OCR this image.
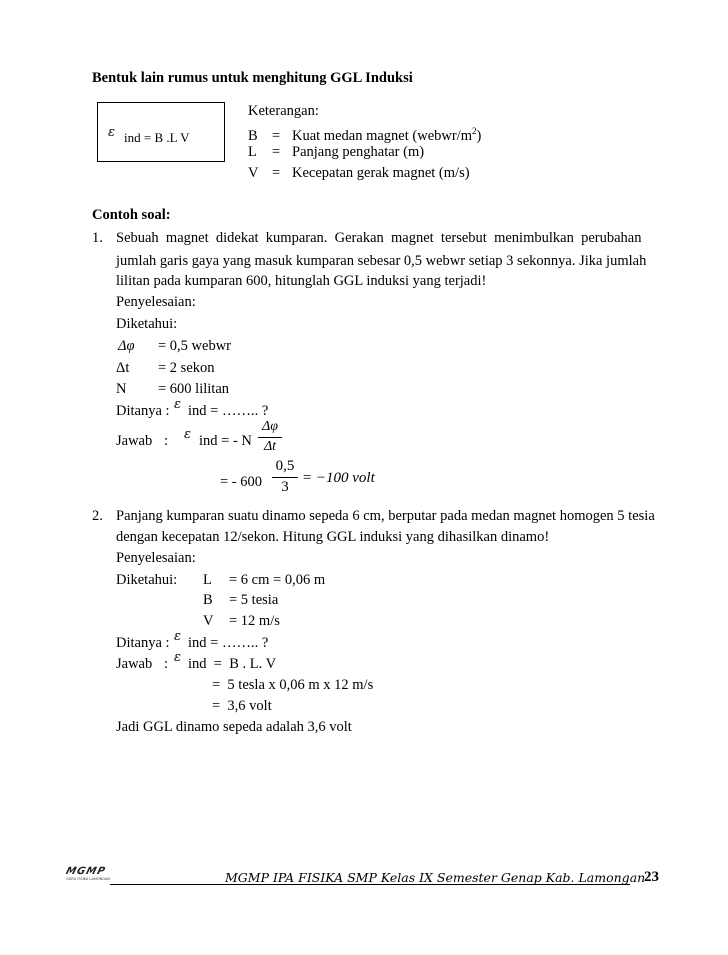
Bentuk lain rumus untuk menghitung GGL Induksi
ε ind = B .L V
Keterangan:
B = Kuat medan magnet $(webwr/m^2)$
L = Panjang penghatar (m)
V = Kecepatan gerak magnet (m/s)
Contoh soal:
1. Sebuah  magnet  didekat  kumparan.  Gerakan  magnet  tersebut  menimbulkan  perubahan
jumlah garis gaya yang masuk kumparan sebesar 0,5 webwr setiap 3 sekonnya. Jika jumlah
lilitan pada kumparan 600, hitunglah GGL induksi yang terjadi!
Penyelesaian:
Diketahui:
Δφ = 0,5 webwr
Δt = 2 sekon
N = 600 lilitan
Ditanya : ε ind = …….. ?
Jawab : ε ind = - N
Δφ
Δt
= - 600
0,5
3
= −100 volt
2. Panjang kumparan suatu dinamo sepeda 6 cm, berputar pada medan magnet homogen 5 tesia
dengan kecepatan 12/sekon. Hitung GGL induksi yang dihasilkan dinamo!
Penyelesaian:
Diketahui: L = 6 cm = 0,06 m
B = 5 tesia
V = 12 m/s
Ditanya : ε ind = …….. ?
Jawab : ε ind  =  B . L. V
=  5 tesla x 0,06 m x 12 m/s
=  3,6 volt
Jadi GGL dinamo sepeda adalah 3,6 volt
MGMP
GURU FISIKA LAMONGAN	MGMP IPA FISIKA SMP Kelas IX Semester Genap Kab. Lamongan
23
